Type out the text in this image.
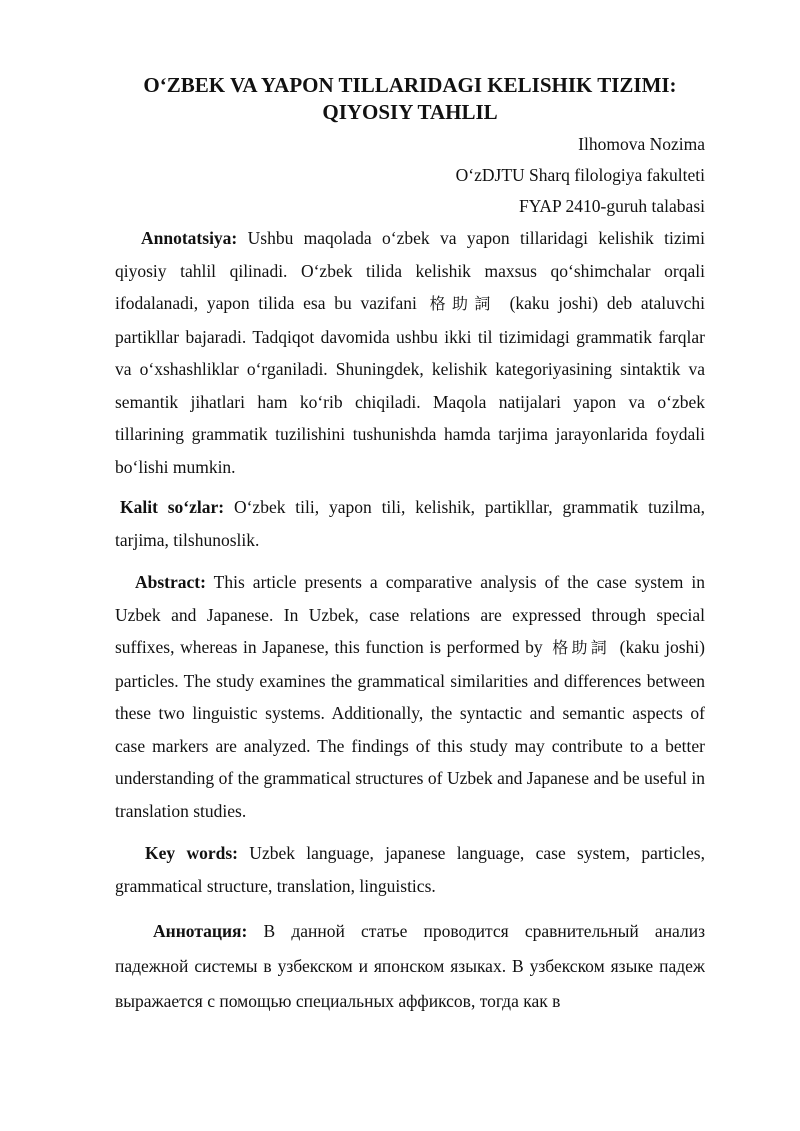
O‘ZBEK VA YAPON TILLARIDAGI KELISHIK TIZIMI:
QIYOSIY TAHLIL
Ilhomova Nozima
O‘zDJTU Sharq filologiya fakulteti
FYAP 2410-guruh talabasi

Annotatsiya: Ushbu maqolada o‘zbek va yapon tillaridagi kelishik tizimi qiyosiy tahlil qilinadi. O‘zbek tilida kelishik maxsus qo‘shimchalar orqali ifodalanadi, yapon tilida esa bu vazifani 格助詞 (kaku joshi) deb ataluvchi partikllar bajaradi. Tadqiqot davomida ushbu ikki til tizimidagi grammatik farqlar va o‘xshashliklar o‘rganiladi. Shuningdek, kelishik kategoriyasining sintaktik va semantik jihatlari ham ko‘rib chiqiladi. Maqola natijalari yapon va o‘zbek tillarining grammatik tuzilishini tushunishda hamda tarjima jarayonlarida foydali bo‘lishi mumkin.

Kalit so‘zlar: O‘zbek tili, yapon tili, kelishik, partikllar, grammatik tuzilma, tarjima, tilshunoslik.

Abstract: This article presents a comparative analysis of the case system in Uzbek and Japanese. In Uzbek, case relations are expressed through special suffixes, whereas in Japanese, this function is performed by 格助詞 (kaku joshi) particles. The study examines the grammatical similarities and differences between these two linguistic systems. Additionally, the syntactic and semantic aspects of case markers are analyzed. The findings of this study may contribute to a better understanding of the grammatical structures of Uzbek and Japanese and be useful in translation studies.

Key words: Uzbek language, japanese language, case system, particles, grammatical structure, translation, linguistics.

Аннотация: В данной статье проводится сравнительный анализ падежной системы в узбекском и японском языках. В узбекском языке падеж выражается с помощью специальных аффиксов, тогда как в
